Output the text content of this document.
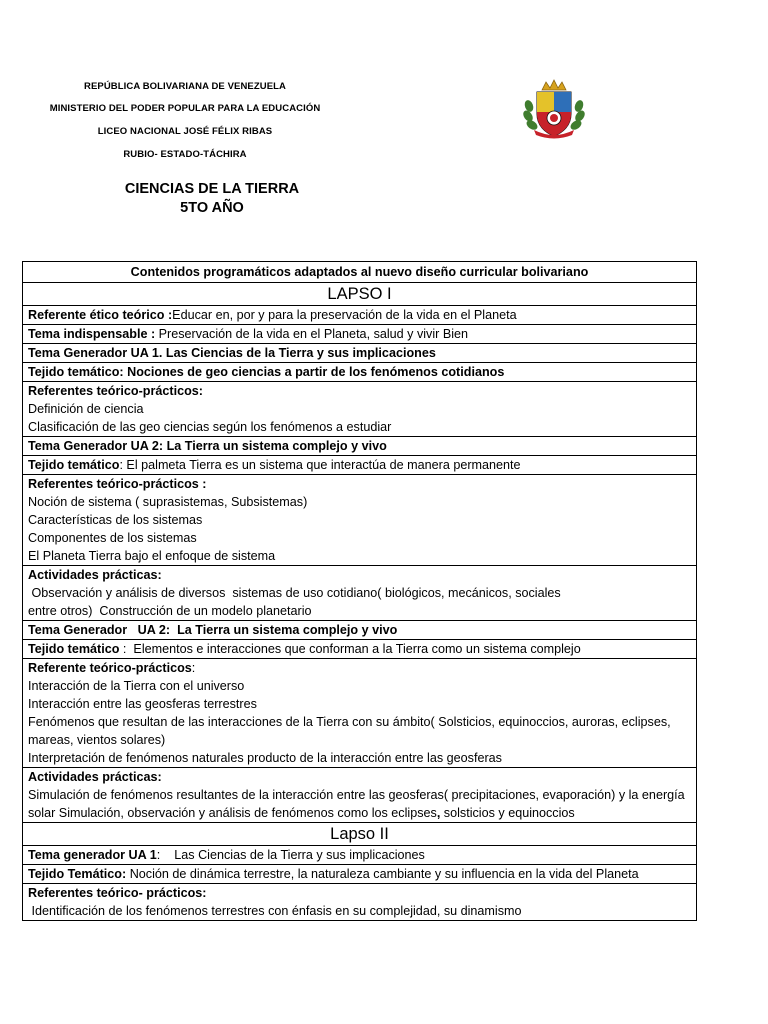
REPÚBLICA BOLIVARIANA DE VENEZUELA
MINISTERIO DEL PODER POPULAR PARA LA EDUCACIÓN
LICEO NACIONAL JOSÉ FÉLIX RIBAS
RUBIO- ESTADO-TÁCHIRA
CIENCIAS DE LA TIERRA
5TO AÑO
Contenidos programáticos adaptados al nuevo diseño curricular bolivariano
LAPSO I
Referente ético teórico :Educar en, por y para la preservación de la vida en el Planeta
Tema indispensable : Preservación de la vida en el Planeta, salud y vivir Bien
Tema Generador UA 1. Las Ciencias de la Tierra y sus implicaciones
Tejido temático: Nociones de geo ciencias a partir de los fenómenos cotidianos

Referentes teórico-prácticos:
Definición de ciencia
Clasificación de las geo ciencias según los fenómenos a estudiar

Tema Generador UA 2: La Tierra un sistema complejo y vivo
Tejido temático: El palmeta Tierra es un sistema que interactúa de manera permanente

Referentes teórico-prácticos :
Noción de sistema ( suprasistemas, Subsistemas)
Características de los sistemas
Componentes de los sistemas
El Planeta Tierra bajo el enfoque de sistema

Actividades prácticas:
Observación y análisis de diversos  sistemas de uso cotidiano( biológicos, mecánicos, sociales
entre otros)  Construcción de un modelo planetario

Tema Generador   UA 2:  La Tierra un sistema complejo y vivo
Tejido temático :  Elementos e interacciones que conforman a la Tierra como un sistema complejo

Referente teórico-prácticos:
Interacción de la Tierra con el universo
Interacción entre las geosferas terrestres
Fenómenos que resultan de las interacciones de la Tierra con su ámbito( Solsticios, equinoccios, auroras, eclipses, mareas, vientos solares)
Interpretación de fenómenos naturales producto de la interacción entre las geosferas

Actividades prácticas:
Simulación de fenómenos resultantes de la interacción entre las geosferas( precipitaciones, evaporación) y la energía solar Simulación, observación y análisis de fenómenos como los eclipses, solsticios y equinoccios
Lapso II
Tema generador UA 1:    Las Ciencias de la Tierra y sus implicaciones
Tejido Temático: Noción de dinámica terrestre, la naturaleza cambiante y su influencia en la vida del Planeta

Referentes teórico- prácticos:
Identificación de los fenómenos terrestres con énfasis en su complejidad, su dinamismo
